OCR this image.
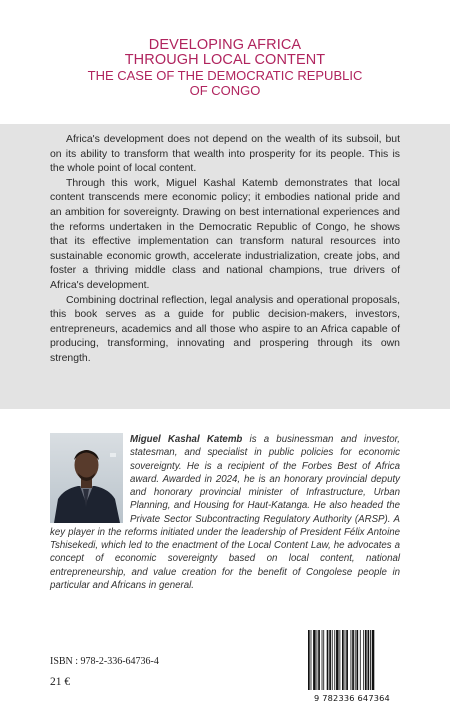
DEVELOPING AFRICA
THROUGH LOCAL CONTENT
THE CASE OF THE DEMOCRATIC REPUBLIC
OF CONGO

Africa's development does not depend on the wealth of its subsoil, but on its ability to transform that wealth into prosperity for its people. This is the whole point of local content.

Through this work, Miguel Kashal Katemb demonstrates that local content transcends mere economic policy; it embodies national pride and an ambition for sovereignty. Drawing on best international experiences and the reforms undertaken in the Democratic Republic of Congo, he shows that its effective implementation can transform natural resources into sustainable economic growth, accelerate industrialization, create jobs, and foster a thriving middle class and national champions, true drivers of Africa's development.

Combining doctrinal reflection, legal analysis and operational proposals, this book serves as a guide for public decision-makers, investors, entrepreneurs, academics and all those who aspire to an Africa capable of producing, transforming, innovating and prospering through its own strength.

Miguel Kashal Katemb is a businessman and investor, statesman, and specialist in public policies for economic sovereignty. He is a recipient of the Forbes Best of Africa award. Awarded in 2024, he is an honorary provincial deputy and honorary provincial minister of Infrastructure, Urban Planning, and Housing for Haut-Katanga. He also headed the Private Sector Subcontracting Regulatory Authority (ARSP). A key player in the reforms initiated under the leadership of President Félix Antoine Tshisekedi, which led to the enactment of the Local Content Law, he advocates a concept of economic sovereignty based on local content, national entrepreneurship, and value creation for the benefit of Congolese people in particular and Africans in general.
ISBN : 978-2-336-64736-4
21 €
9 782336 647364
